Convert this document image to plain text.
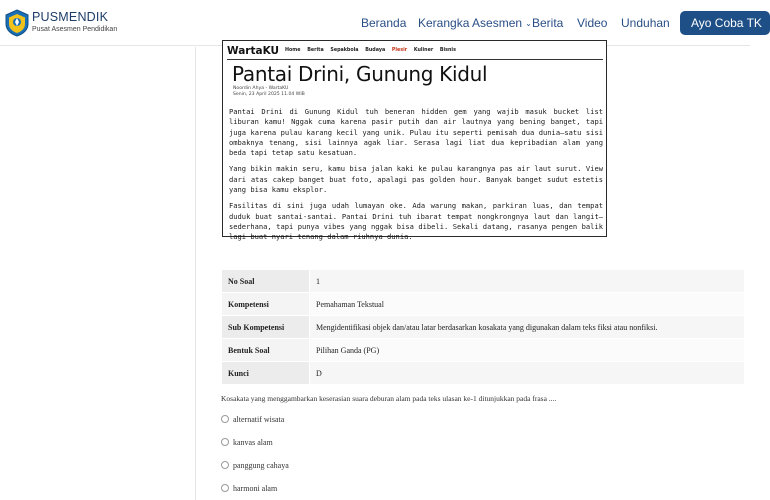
PUSMENDIK
Pusat Asesmen Pendidikan	Beranda Kerangka Asesmen ⌄ Berita Video Unduhan	Ayo Coba TK
WartaKU Home Berita Sepakbola Budaya Plesir Kuliner Bisnis
Pantai Drini, Gunung Kidul
Noordin Ahya - WartaKU
Senin, 23 April 2025 11.04 WIB

Pantai Drini di Gunung Kidul tuh beneran hidden gem yang wajib masuk bucket list liburan kamu! Nggak cuma karena pasir putih dan air lautnya yang bening banget, tapi juga karena pulau karang kecil yang unik. Pulau itu seperti pemisah dua dunia—satu sisi ombaknya tenang, sisi lainnya agak liar. Serasa lagi liat dua kepribadian alam yang beda tapi tetap satu kesatuan.

Yang bikin makin seru, kamu bisa jalan kaki ke pulau karangnya pas air laut surut. View dari atas cakep banget buat foto, apalagi pas golden hour. Banyak banget sudut estetis yang bisa kamu eksplor.

Fasilitas di sini juga udah lumayan oke. Ada warung makan, parkiran luas, dan tempat duduk buat santai-santai. Pantai Drini tuh ibarat tempat nongkrongnya laut dan langit—sederhana, tapi punya vibes yang nggak bisa dibeli. Sekali datang, rasanya pengen balik lagi buat nyari tenang dalam riuhnya dunia.

No Soal	1
Kompetensi	Pemahaman Tekstual
Sub Kompetensi	Mengidentifikasi objek dan/atau latar berdasarkan kosakata yang digunakan dalam teks fiksi atau nonfiksi.
Bentuk Soal	Pilihan Ganda (PG)
Kunci	D
Kosakata yang menggambarkan keserasian suara deburan alam pada teks ulasan ke-1 ditunjukkan pada frasa ....
alternatif wisata
kanvas alam
panggung cahaya
harmoni alam
